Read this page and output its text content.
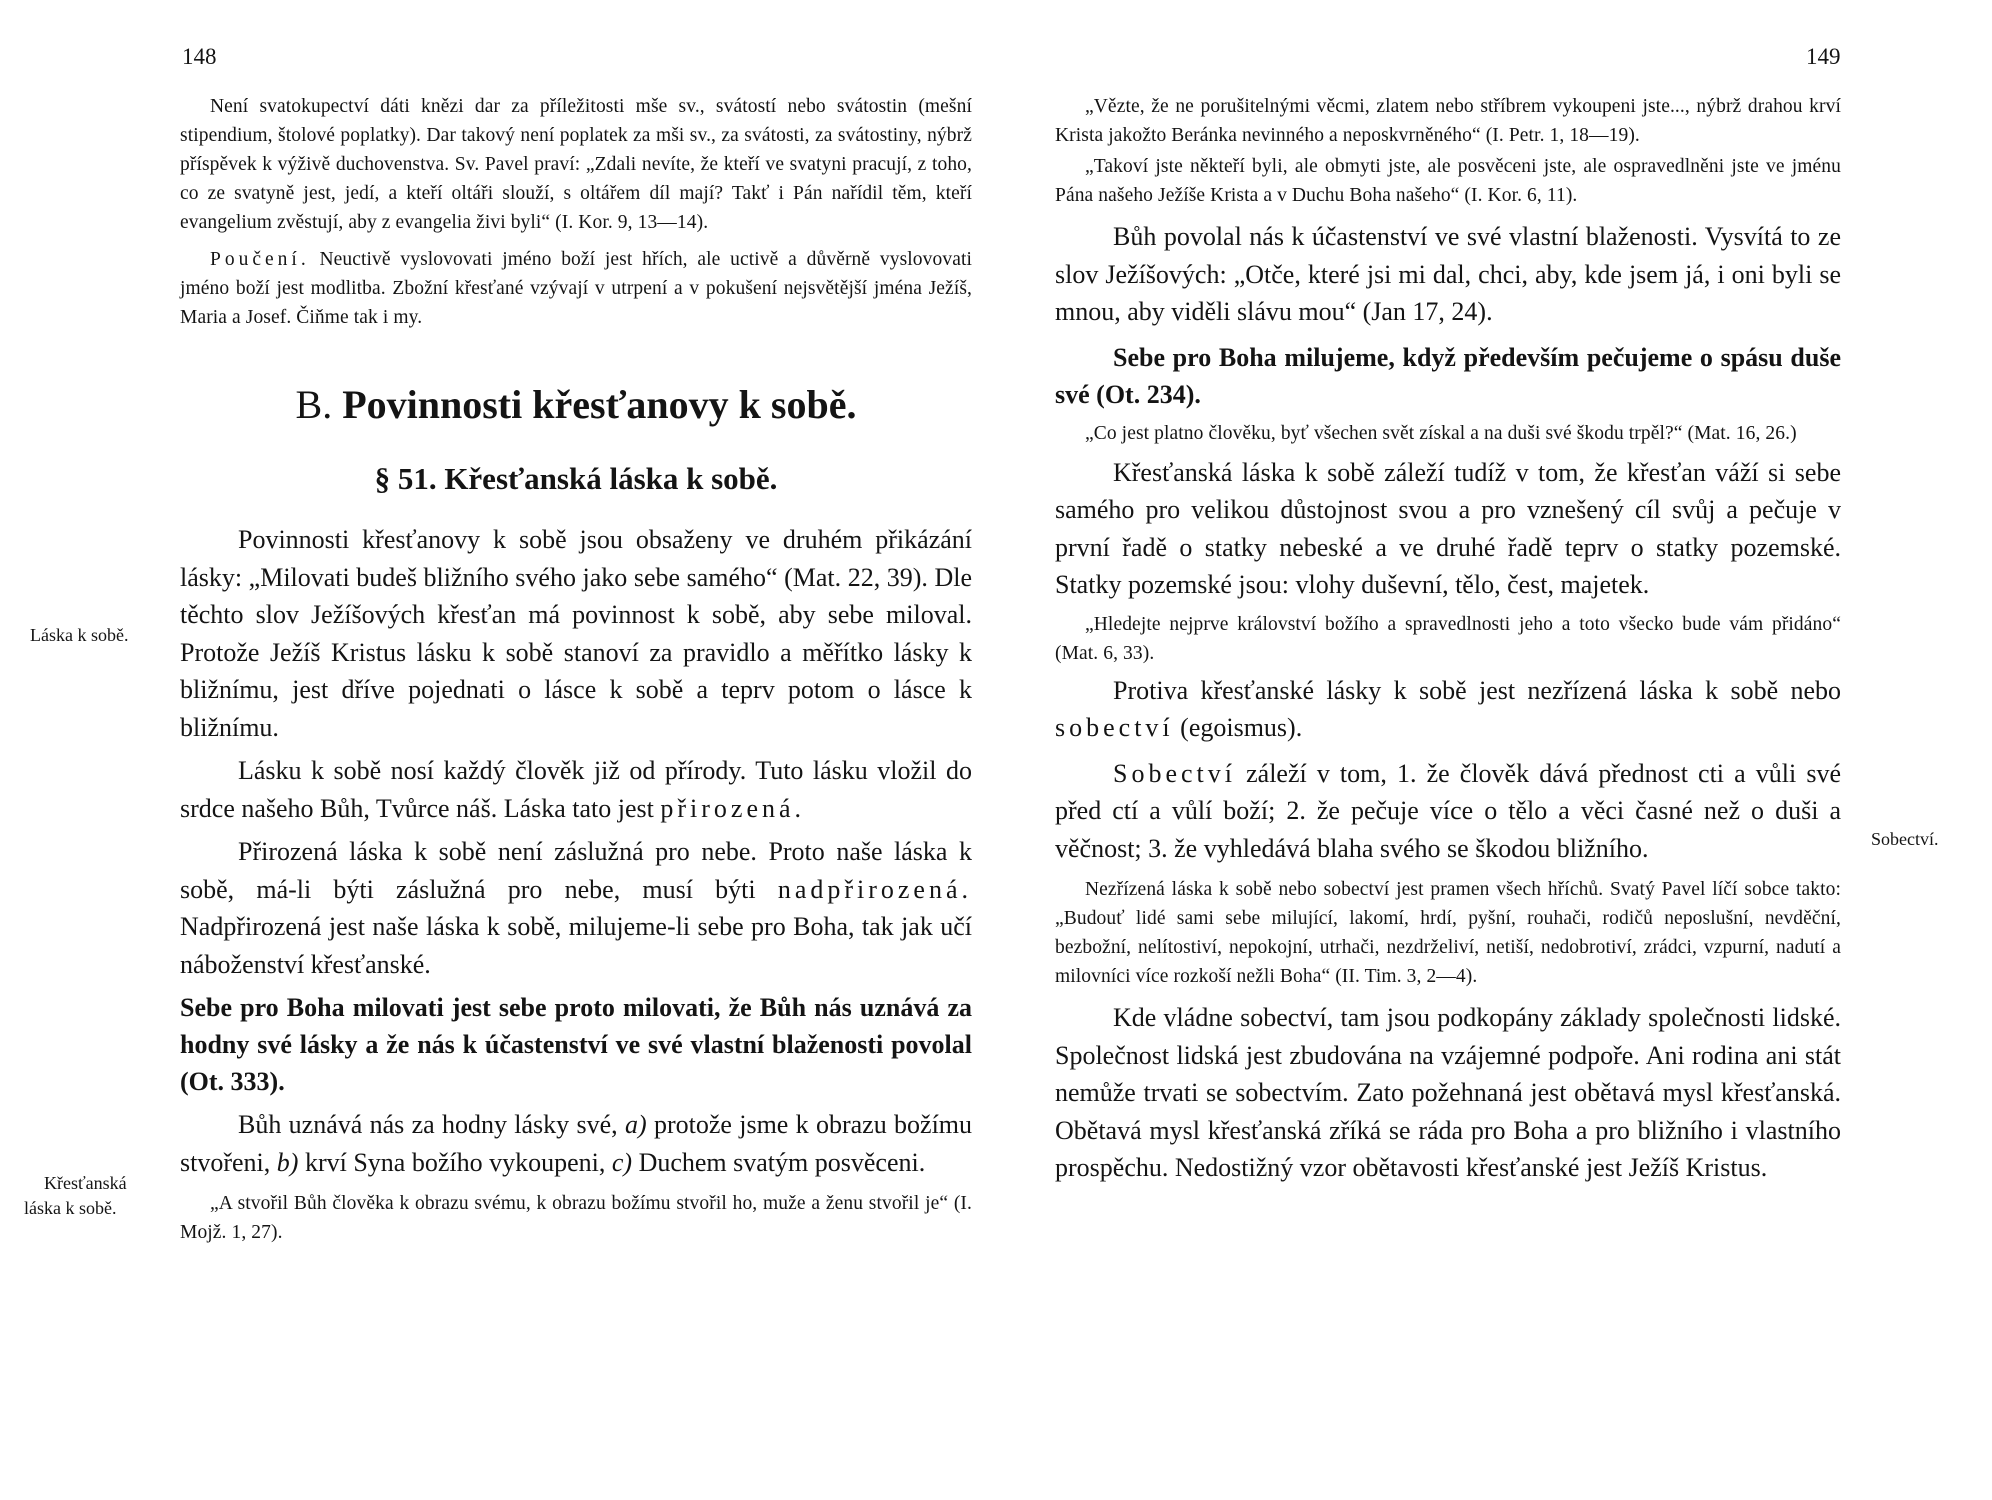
148
Láska k sobě.
Křesťanská
láska k sobě.

Není svatokupectví dáti knězi dar za příležitosti mše sv., svátostí nebo svátostin (mešní stipendium, štolové poplatky). Dar takový není poplatek za mši sv., za svátosti, za svátostiny, nýbrž příspěvek k výživě duchovenstva. Sv. Pavel praví: „Zdali nevíte, že kteří ve svatyni pracují, z toho, co ze svatyně jest, jedí, a kteří oltáři slouží, s oltářem díl mají? Takť i Pán nařídil těm, kteří evangelium zvěstují, aby z evangelia živi byli“ (I. Kor. 9, 13—14).

Poučení. Neuctivě vyslovovati jméno boží jest hřích, ale uctivě a důvěrně vyslovovati jméno boží jest modlitba. Zbožní křesťané vzývají v utrpení a v pokušení nejsvětější jména Ježíš, Maria a Josef. Čiňme tak i my.

B. Povinnosti křesťanovy k sobě.
§ 51. Křesťanská láska k sobě.

Povinnosti křesťanovy k sobě jsou obsaženy ve druhém přikázání lásky: „Milovati budeš bližního svého jako sebe samého“ (Mat. 22, 39). Dle těchto slov Ježíšových křesťan má povinnost k sobě, aby sebe miloval. Protože Ježíš Kristus lásku k sobě stanoví za pravidlo a měřítko lásky k bližnímu, jest dříve pojednati o lásce k sobě a teprv potom o lásce k bližnímu.

Lásku k sobě nosí každý člověk již od přírody. Tuto lásku vložil do srdce našeho Bůh, Tvůrce náš. Láska tato jest přirozená.

Přirozená láska k sobě není záslužná pro nebe. Proto naše láska k sobě, má-li býti záslužná pro nebe, musí býti nadpřirozená. Nadpřirozená jest naše láska k sobě, milujeme-li sebe pro Boha, tak jak učí náboženství křesťanské.

Sebe pro Boha milovati jest sebe proto milovati, že Bůh nás uznává za hodny své lásky a že nás k účastenství ve své vlastní blaženosti povolal (Ot. 333).

Bůh uznává nás za hodny lásky své, a) protože jsme k obrazu božímu stvořeni, b) krví Syna božího vykoupeni, c) Duchem svatým posvěceni.

„A stvořil Bůh člověka k obrazu svému, k obrazu božímu stvořil ho, muže a ženu stvořil je“ (I. Mojž. 1, 27).

149
Sobectví.

„Vězte, že ne porušitelnými věcmi, zlatem nebo stříbrem vykoupeni jste..., nýbrž drahou krví Krista jakožto Beránka nevinného a neposkvrněného“ (I. Petr. 1, 18—19).

„Takoví jste někteří byli, ale obmyti jste, ale posvěceni jste, ale ospravedlněni jste ve jménu Pána našeho Ježíše Krista a v Duchu Boha našeho“ (I. Kor. 6, 11).

Bůh povolal nás k účastenství ve své vlastní blaženosti. Vysvítá to ze slov Ježíšových: „Otče, které jsi mi dal, chci, aby, kde jsem já, i oni byli se mnou, aby viděli slávu mou“ (Jan 17, 24).

Sebe pro Boha milujeme, když především pečujeme o spásu duše své (Ot. 234).

„Co jest platno člověku, byť všechen svět získal a na duši své škodu trpěl?“ (Mat. 16, 26.)

Křesťanská láska k sobě záleží tudíž v tom, že křesťan váží si sebe samého pro velikou důstojnost svou a pro vznešený cíl svůj a pečuje v první řadě o statky nebeské a ve druhé řadě teprv o statky pozemské. Statky pozemské jsou: vlohy duševní, tělo, čest, majetek.

„Hledejte nejprve království božího a spravedlnosti jeho a toto všecko bude vám přidáno“ (Mat. 6, 33).

Protiva křesťanské lásky k sobě jest nezřízená láska k sobě nebo sobectví (egoismus).

Sobectví záleží v tom, 1. že člověk dává přednost cti a vůli své před ctí a vůlí boží; 2. že pečuje více o tělo a věci časné než o duši a věčnost; 3. že vyhledává blaha svého se škodou bližního.

Nezřízená láska k sobě nebo sobectví jest pramen všech hříchů. Svatý Pavel líčí sobce takto: „Budouť lidé sami sebe milující, lakomí, hrdí, pyšní, rouhači, rodičů neposlušní, nevděční, bezbožní, nelítostiví, nepokojní, utrhači, nezdrželiví, netiší, nedobrotiví, zrádci, vzpurní, nadutí a milovníci více rozkoší nežli Boha“ (II. Tim. 3, 2—4).

Kde vládne sobectví, tam jsou podkopány základy společnosti lidské. Společnost lidská jest zbudována na vzájemné podpoře. Ani rodina ani stát nemůže trvati se sobectvím. Zato požehnaná jest obětavá mysl křesťanská. Obětavá mysl křesťanská zříká se ráda pro Boha a pro bližního i vlastního prospěchu. Nedostižný vzor obětavosti křesťanské jest Ježíš Kristus.
